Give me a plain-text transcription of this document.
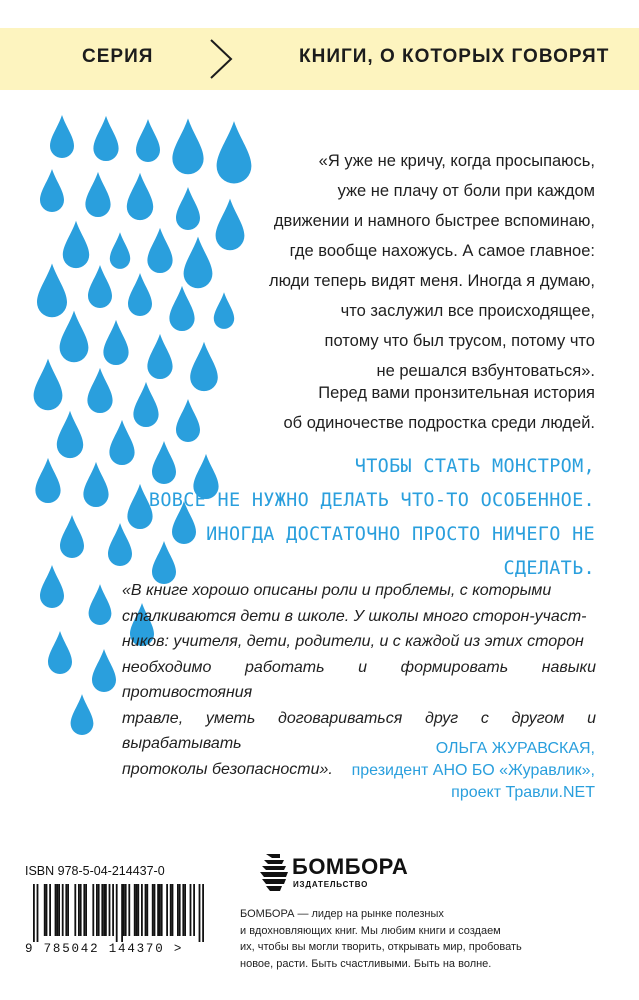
СЕРИЯ	КНИГИ, О КОТОРЫХ ГОВОРЯТ
«Я уже не кричу, когда просыпаюсь,
уже не плачу от боли при каждом
движении и намного быстрее вспоминаю,
где вообще нахожусь. А самое главное:
люди теперь видят меня. Иногда я думаю,
что заслужил все происходящее,
потому что был трусом, потому что
не решался взбунтоваться».
Перед вами пронзительная история
об одиночестве подростка среди людей.
ЧТОБЫ СТАТЬ МОНСТРОМ,
ВОВСЕ НЕ НУЖНО ДЕЛАТЬ ЧТО-ТО ОСОБЕННОЕ.
ИНОГДА ДОСТАТОЧНО ПРОСТО НИЧЕГО НЕ СДЕЛАТЬ.
«В книге хорошо описаны роли и проблемы, с которыми
сталкиваются дети в школе. У школы много сторон-участ-
ников: учителя, дети, родители, и с каждой из этих сторон
необходимо работать и формировать навыки противостояния
травле, уметь договариваться друг с другом и вырабатывать
протоколы безопасности».
ОЛЬГА ЖУРАВСКАЯ,
президент АНО БО «Журавлик»,
проект Травли.NET
ISBN 978-5-04-214437-0
9 785042 144370 >
БОМБОРА
ИЗДАТЕЛЬСТВО
БОМБОРА — лидер на рынке полезных
и вдохновляющих книг. Мы любим книги и создаем
их, чтобы вы могли творить, открывать мир, пробовать
новое, расти. Быть счастливыми. Быть на волне.
